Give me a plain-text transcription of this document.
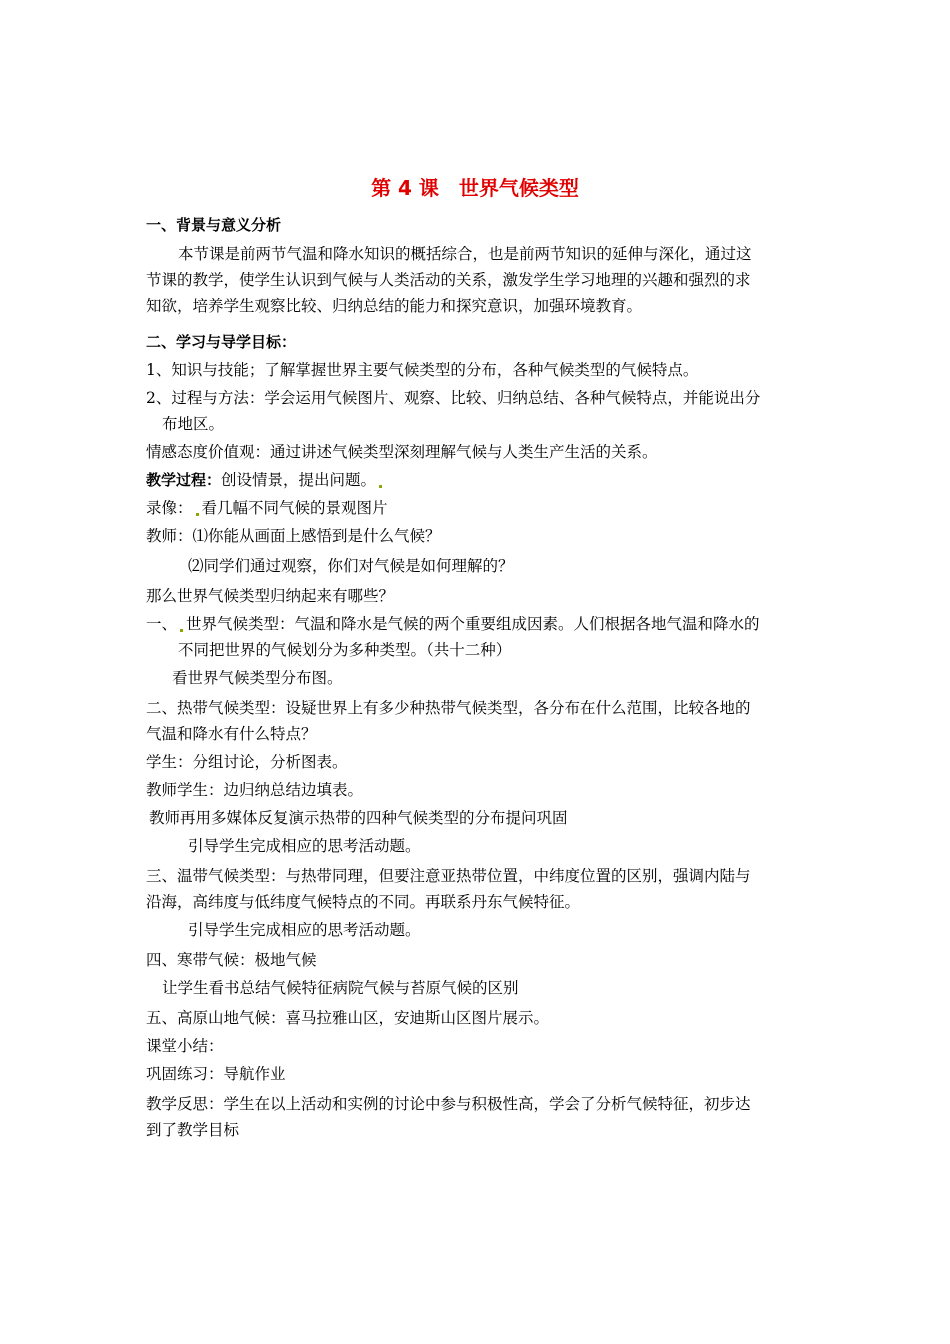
第 4 课　世界气候类型
一、背景与意义分析
本节课是前两节气温和降水知识的概括综合，也是前两节知识的延伸与深化，通过这
节课的教学，使学生认识到气候与人类活动的关系，激发学生学习地理的兴趣和强烈的求
知欲，培养学生观察比较、归纳总结的能力和探究意识，加强环境教育。
二、学习与导学目标：
1、知识与技能；了解掌握世界主要气候类型的分布，各种气候类型的气候特点。
2、过程与方法：学会运用气候图片、观察、比较、归纳总结、各种气候特点，并能说出分
布地区。
情感态度价值观：通过讲述气候类型深刻理解气候与人类生产生活的关系。
教学过程：创设情景，提出问题。
录像： 看几幅不同气候的景观图片
教师：⑴你能从画面上感悟到是什么气候？
⑵同学们通过观察，你们对气候是如何理解的？
那么世界气候类型归纳起来有哪些？
一、 世界气候类型：气温和降水是气候的两个重要组成因素。人们根据各地气温和降水的
不同把世界的气候划分为多种类型。（共十二种）
看世界气候类型分布图。
二、热带气候类型：设疑世界上有多少种热带气候类型，各分布在什么范围，比较各地的
气温和降水有什么特点？
学生：分组讨论，分析图表。
教师学生：边归纳总结边填表。
教师再用多媒体反复演示热带的四种气候类型的分布提问巩固
引导学生完成相应的思考活动题。
三、温带气候类型：与热带同理，但要注意亚热带位置，中纬度位置的区别，强调内陆与
沿海，高纬度与低纬度气候特点的不同。再联系丹东气候特征。
引导学生完成相应的思考活动题。
四、寒带气候：极地气候
让学生看书总结气候特征病院气候与苔原气候的区别
五、高原山地气候：喜马拉雅山区，安迪斯山区图片展示。
课堂小结：
巩固练习：导航作业
教学反思：学生在以上活动和实例的讨论中参与积极性高，学会了分析气候特征，初步达
到了教学目标
